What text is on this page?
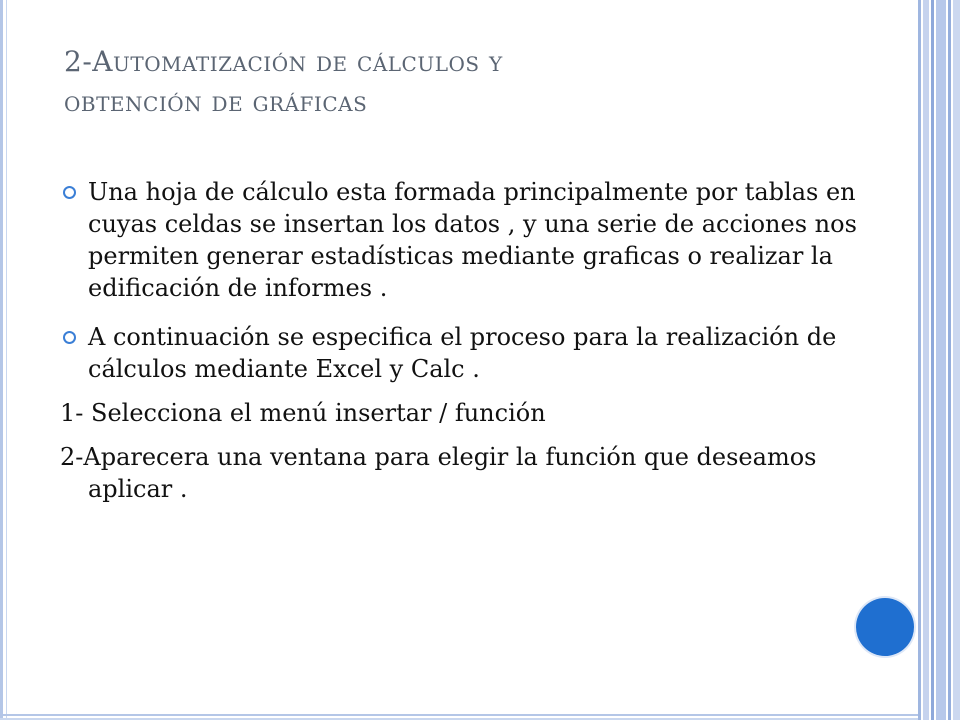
2-Automatización de cálculos y
obtención de gráficas

Una hoja de cálculo esta formada principalmente por tablas en cuyas celdas se insertan los datos , y una serie de acciones nos permiten generar estadísticas mediante graficas o realizar la edificación de informes .

A continuación se especifica el proceso para la realización de cálculos mediante Excel y Calc .

1- Selecciona el menú insertar / función

2-Aparecera una ventana para elegir la función que deseamos aplicar .
